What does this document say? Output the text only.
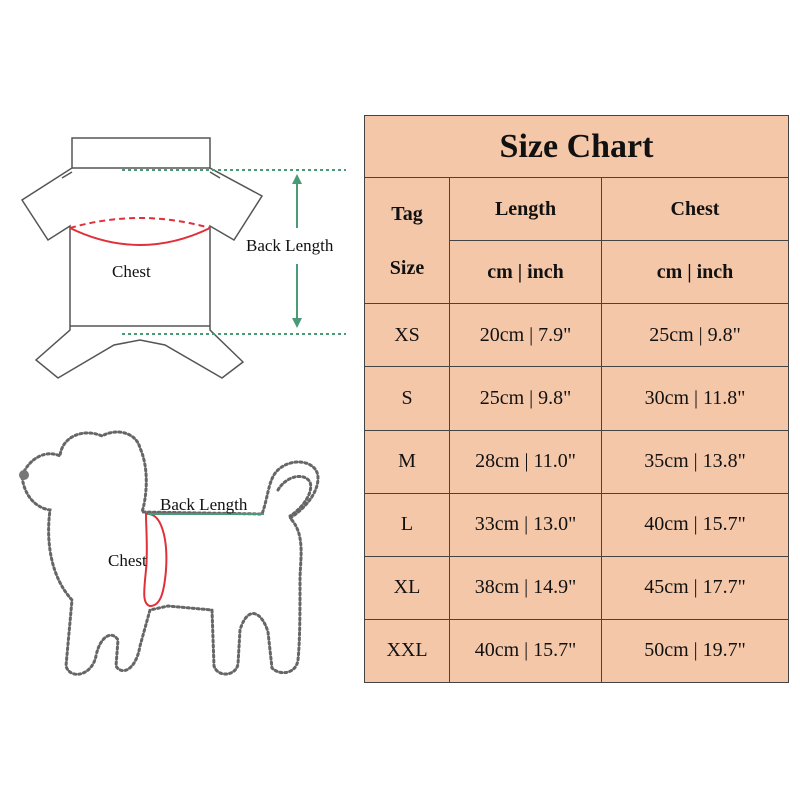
Chest
Back Length
Back Length
Chest
Size Chart		

Tag
Size	Length	Chest
	cm | inch	cm | inch
XS	20cm | 7.9"	25cm | 9.8"
S	25cm | 9.8"	30cm | 11.8"
M	28cm | 11.0"	35cm | 13.8"
L	33cm | 13.0"	40cm | 15.7"
XL	38cm | 14.9"	45cm | 17.7"
XXL	40cm | 15.7"	50cm | 19.7"
